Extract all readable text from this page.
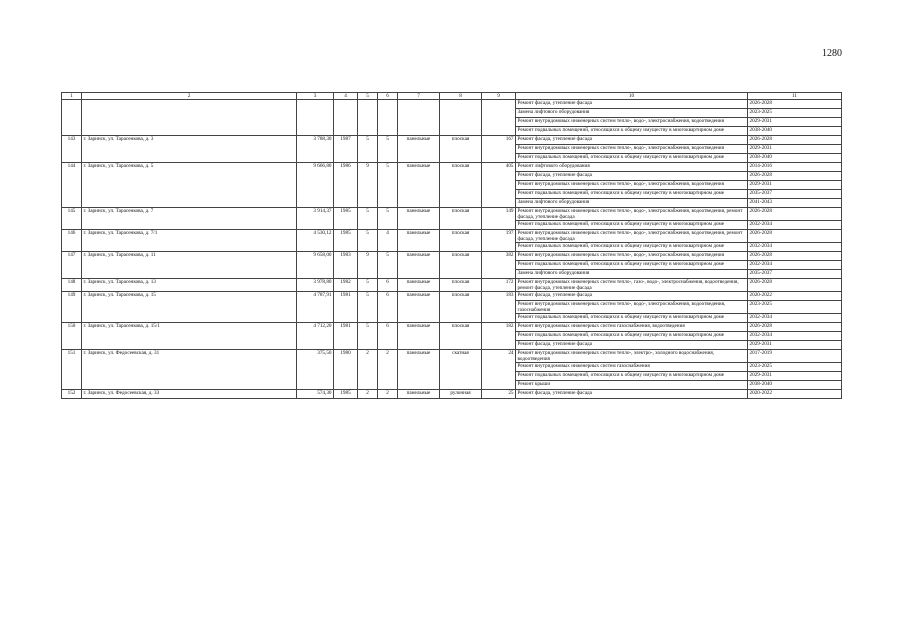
1280
1	2	3	4	5	6	7	8	9	10	11
									Ремонт фасада, утепление фасада	2026-2028
									Замена лифтового оборудования	2023-2025
									Ремонт внутридомовых инженерных систем тепло-, водо-, электроснабжения, водоотведения	2029-2031
									Ремонт подвальных помещений, относящихся к общему имуществу в многоквартирном доме	2038-2040
143	г. Заринск, ул. Тарасенкова, д. 3	3 788,30	1987	5	5	панельные	плоская	167	Ремонт фасада, утепление фасада	2026-2028
									Ремонт внутридомовых инженерных систем тепло-, водо-, электроснабжения, водоотведения	2029-2031
									Ремонт подвальных помещений, относящихся к общему имуществу в многоквартирном доме	2038-2040
144	г. Заринск, ул. Тарасенкова, д. 5	9 666,80	1986	9	5	панельные	плоская	405	Ремонт лифтового оборудования	2014-2016
									Ремонт фасада, утепление фасада	2026-2028
									Ремонт внутридомовых инженерных систем тепло-, водо-, электроснабжения, водоотведения	2029-2031
									Ремонт подвальных помещений, относящихся к общему имуществу в многоквартирном доме	2035-2037
									Замена лифтового оборудования	2041-2043
145	г. Заринск, ул. Тарасенкова, д. 7	3 914,37	1985	5	5	панельные	плоская	149	Ремонт внутридомовых инженерных систем тепло-, водо-, электроснабжения, водоотведения, ремонт фасада, утепление фасада	2026-2028
									Ремонт подвальных помещений, относящихся к общему имуществу в многоквартирном доме	2032-2034
146	г. Заринск, ул. Тарасенкова, д. 7/1	4 530,12	1985	5	4	панельные	плоская	197	Ремонт внутридомовых инженерных систем тепло-, водо-, электроснабжения, водоотведения, ремонт фасада, утепление фасада	2026-2028
									Ремонт подвальных помещений, относящихся к общему имуществу в многоквартирном доме	2032-2034
147	г. Заринск, ул. Тарасенкова, д. 11	9 658,00	1983	9	5	панельные	плоская	382	Ремонт внутридомовых инженерных систем тепло-, водо-, электроснабжения, водоотведения	2026-2028
									Ремонт подвальных помещений, относящихся к общему имуществу в многоквартирном доме	2032-2034
									Замена лифтового оборудования	2035-2037
148	г. Заринск, ул. Тарасенкова, д. 13	3 978,80	1982	5	6	панельные	плоская	172	Ремонт внутридомовых инженерных систем тепло-, газо-, водо-, электроснабжения, водоотведения, ремонт фасада, утепление фасада	2026-2028
149	г. Заринск, ул. Тарасенкова, д. 15	4 787,91	1981	5	6	панельные	плоская	183	Ремонт фасада, утепление фасада	2020-2022
									Ремонт внутридомовых инженерных систем тепло-, водо-, электроснабжения, водоотведения, газоснабжения	2023-2025
									Ремонт подвальных помещений, относящихся к общему имуществу в многоквартирном доме	2032-2034
150	г. Заринск, ул. Тарасенкова, д. 15/1	4 712,20	1981	5	6	панельные	плоская	182	Ремонт внутридомовых инженерных систем газоснабжения, водоотведения	2026-2028
									Ремонт подвальных помещений, относящихся к общему имуществу в многоквартирном доме	2032-2034
									Ремонт фасада, утепление фасада	2029-2031
151	г. Заринск, ул. Федосеевская, д. 31	375,50	1980	2	2	панельные	скатная	24	Ремонт внутридомовых инженерных систем тепло-, электро-, холодного водоснабжения, водоотведения	2017-2019
									Ремонт внутридомовых инженерных систем газоснабжения	2023-2025
									Ремонт подвальных помещений, относящихся к общему имуществу в многоквартирном доме	2029-2031
									Ремонт крыши	2038-2040
152	г. Заринск, ул. Федосеевская, д. 33	574,30	1985	2	2	панельные	рулонная	25	Ремонт фасада, утепление фасада	2020-2022
